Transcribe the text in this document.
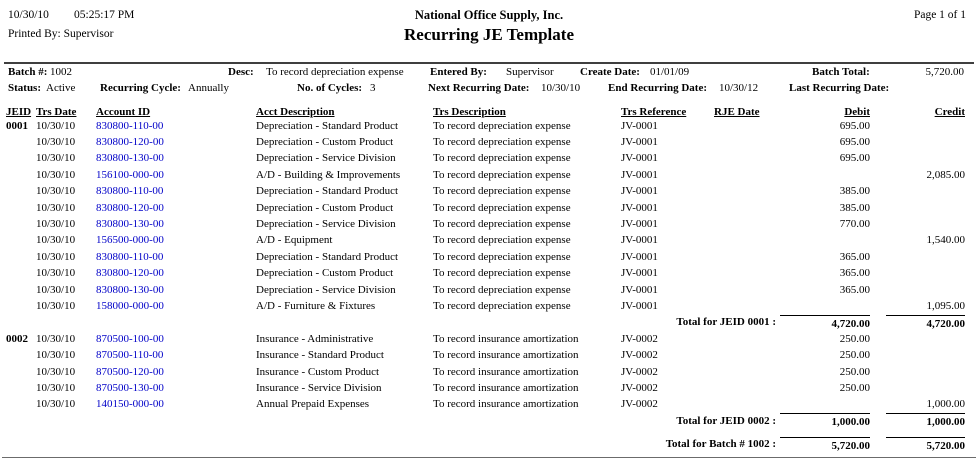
10/30/10 05:25:17 PM
Printed By: Supervisor
National Office Supply, Inc.
Recurring JE Template
Page 1 of 1
Batch #: 1002	Desc: To record depreciation expense Entered By: Supervisor Create Date: 01/01/09	Batch Total:	5,720.00
Status: Active Recurring Cycle: Annually	No. of Cycles: 3	Next Recurring Date: 10/30/10	End Recurring Date: 10/30/12	Last Recurring Date:
JEID	Trs Date	Account ID	Acct Description	Trs Description	Trs Reference	RJE Date	Debit	Credit
0001	10/30/10	830800-110-00	Depreciation - Standard Product	To record depreciation expense	JV-0001		695.00	
	10/30/10	830800-120-00	Depreciation - Custom Product	To record depreciation expense	JV-0001		695.00	
	10/30/10	830800-130-00	Depreciation - Service Division	To record depreciation expense	JV-0001		695.00	
	10/30/10	156100-000-00	A/D - Building & Improvements	To record depreciation expense	JV-0001			2,085.00
	10/30/10	830800-110-00	Depreciation - Standard Product	To record depreciation expense	JV-0001		385.00	
	10/30/10	830800-120-00	Depreciation - Custom Product	To record depreciation expense	JV-0001		385.00	
	10/30/10	830800-130-00	Depreciation - Service Division	To record depreciation expense	JV-0001		770.00	
	10/30/10	156500-000-00	A/D - Equipment	To record depreciation expense	JV-0001			1,540.00
	10/30/10	830800-110-00	Depreciation - Standard Product	To record depreciation expense	JV-0001		365.00	
	10/30/10	830800-120-00	Depreciation - Custom Product	To record depreciation expense	JV-0001		365.00	
	10/30/10	830800-130-00	Depreciation - Service Division	To record depreciation expense	JV-0001		365.00	
	10/30/10	158000-000-00	A/D - Furniture & Fixtures	To record depreciation expense	JV-0001			1,095.00
Total for JEID 0001 :							4,720.00	4,720.00

0002	10/30/10	870500-100-00	Insurance - Administrative	To record insurance amortization	JV-0002		250.00	
	10/30/10	870500-110-00	Insurance - Standard Product	To record insurance amortization	JV-0002		250.00	
	10/30/10	870500-120-00	Insurance - Custom Product	To record insurance amortization	JV-0002		250.00	
	10/30/10	870500-130-00	Insurance - Service Division	To record insurance amortization	JV-0002		250.00	
	10/30/10	140150-000-00	Annual Prepaid Expenses	To record insurance amortization	JV-0002			1,000.00
Total for JEID 0002 :							1,000.00	1,000.00

Total for Batch # 1002 :							5,720.00	5,720.00
